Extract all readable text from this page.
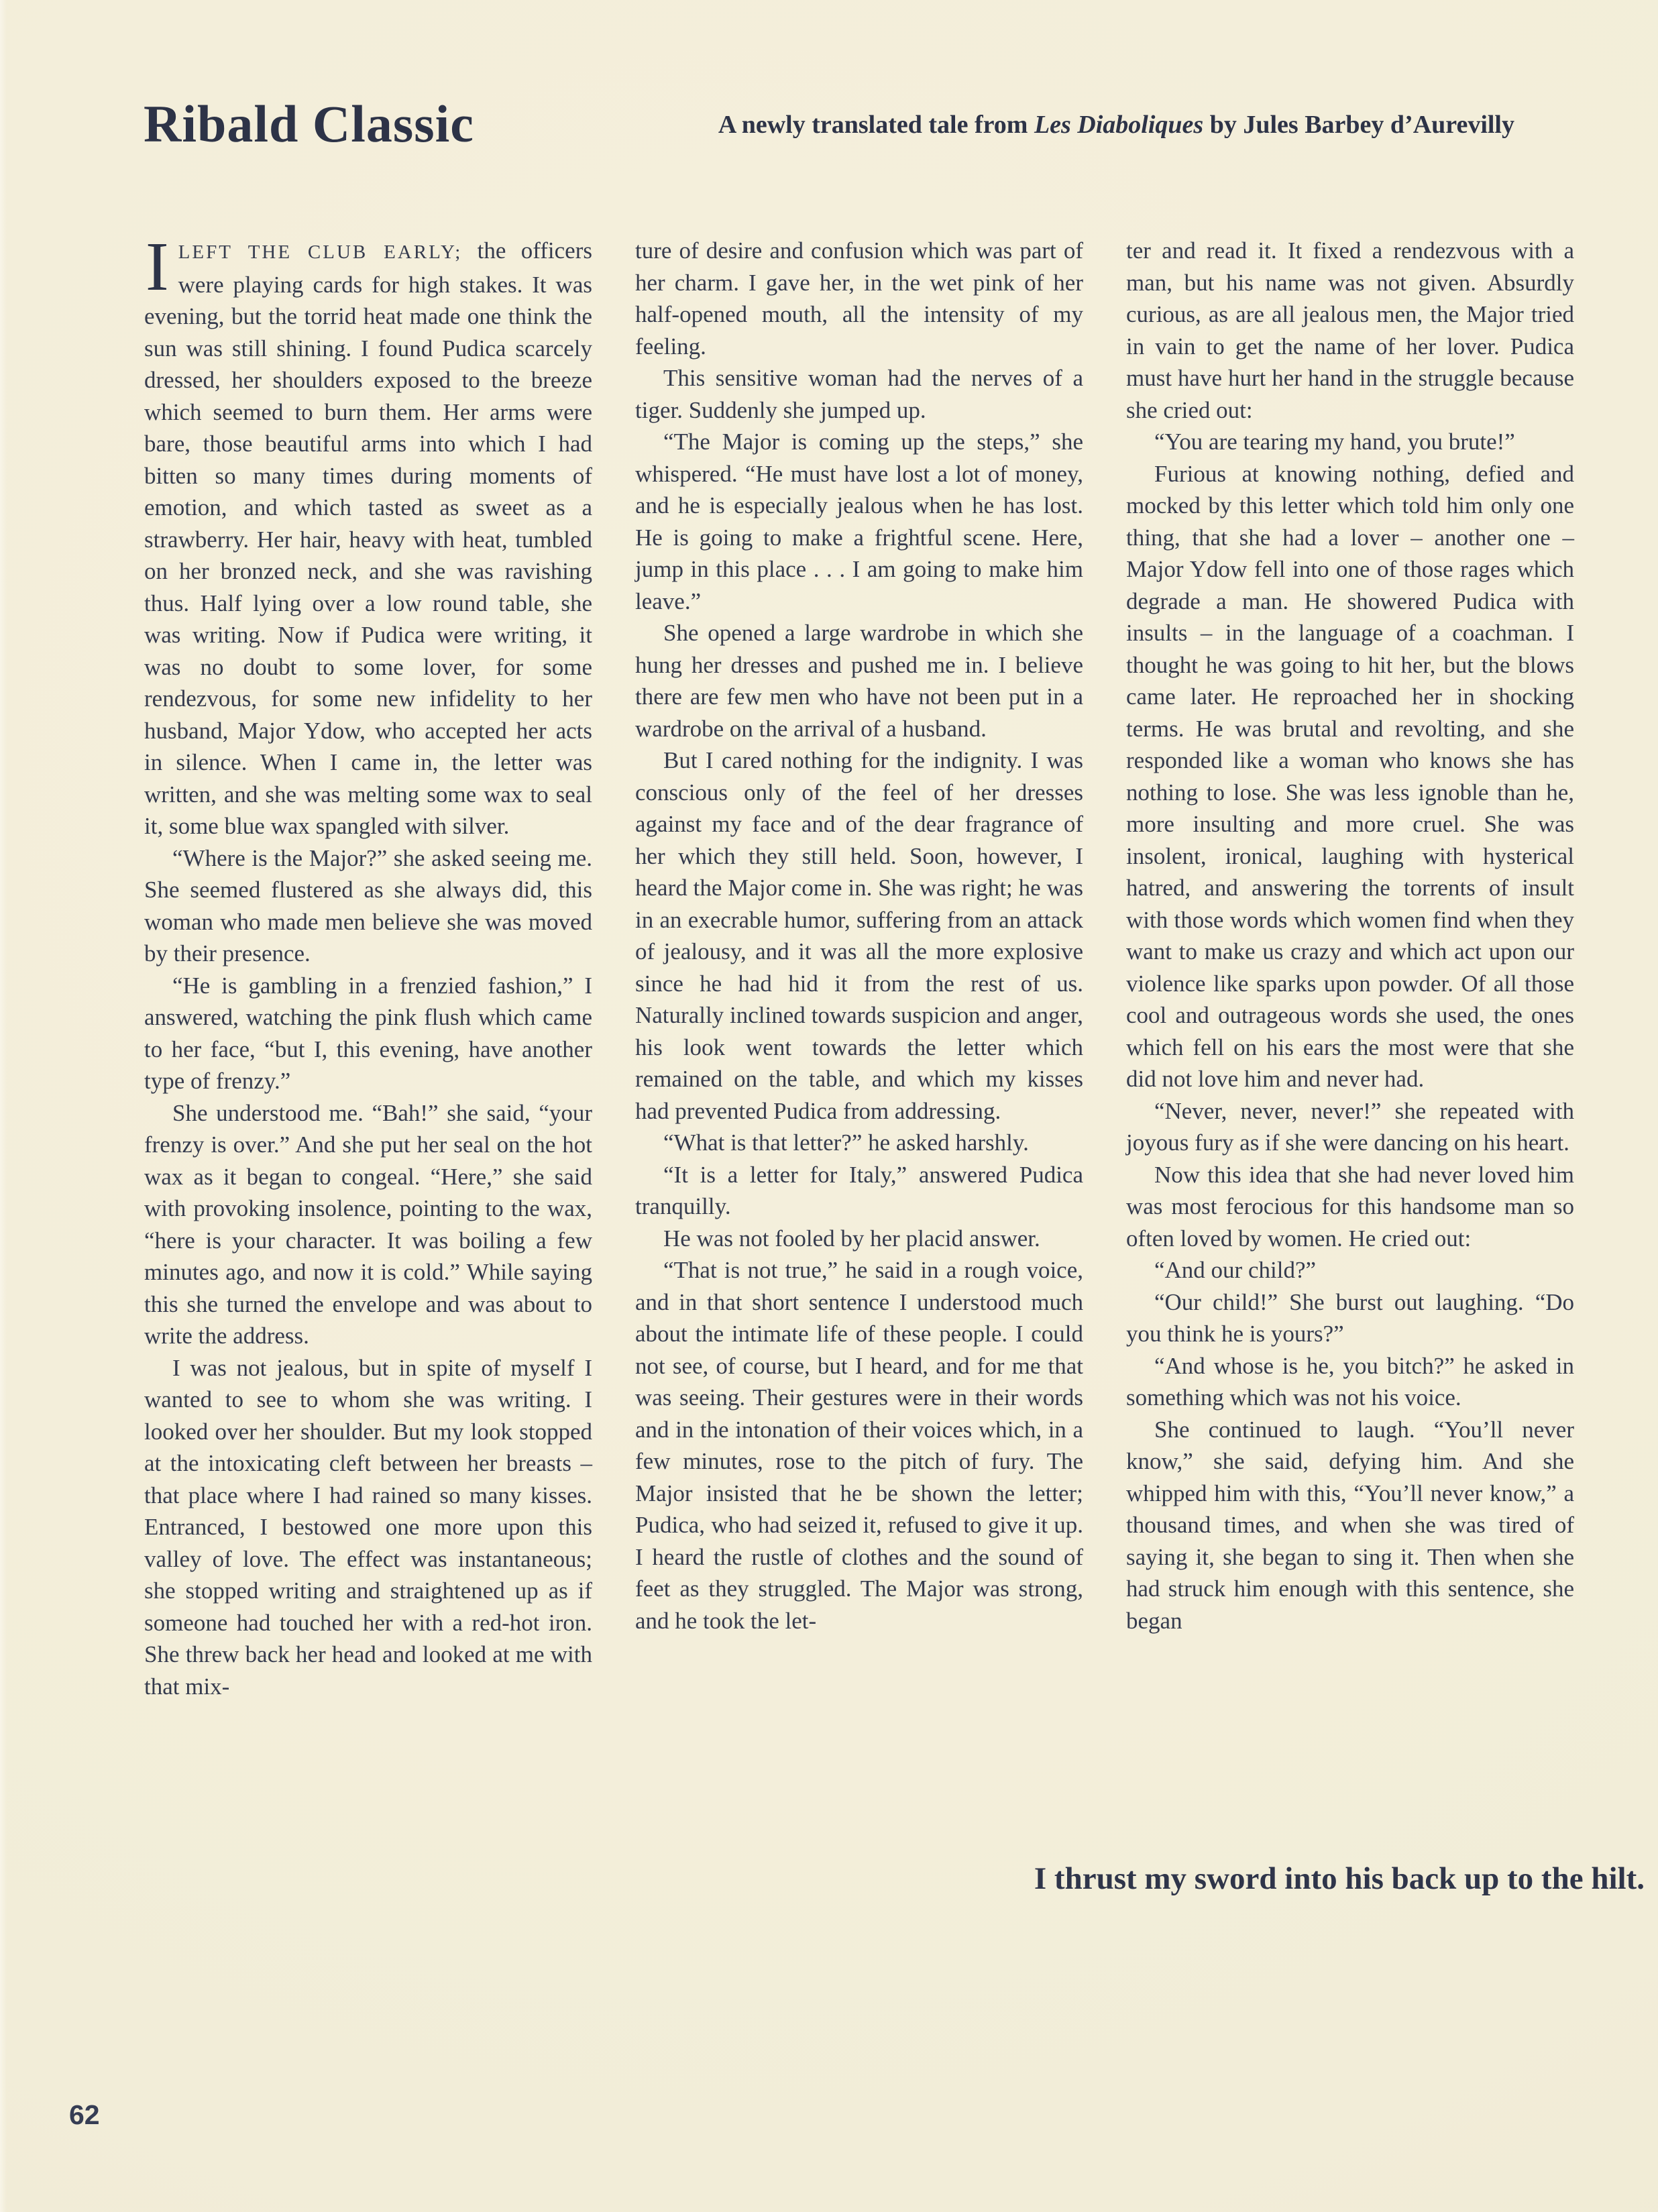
Ribald Classic	A newly translated tale from Les Diaboliques by Jules Barbey d’Aurevilly

ILEFT THE CLUB EARLY; the officers were playing cards for high stakes. It was evening, but the torrid heat made one think the sun was still shining. I found Pudica scarcely dressed, her shoulders exposed to the breeze which seemed to burn them. Her arms were bare, those beautiful arms into which I had bitten so many times during moments of emotion, and which tasted as sweet as a strawberry. Her hair, heavy with heat, tumbled on her bronzed neck, and she was ravishing thus. Half lying over a low round table, she was writing. Now if Pudica were writing, it was no doubt to some lover, for some rendezvous, for some new infidelity to her husband, Major Ydow, who accepted her acts in silence. When I came in, the letter was written, and she was melting some wax to seal it, some blue wax spangled with silver.

“Where is the Major?” she asked seeing me. She seemed flustered as she always did, this woman who made men believe she was moved by their presence.

“He is gambling in a frenzied fashion,” I answered, watching the pink flush which came to her face, “but I, this evening, have another type of frenzy.”

She understood me. “Bah!” she said, “your frenzy is over.” And she put her seal on the hot wax as it began to congeal. “Here,” she said with provoking insolence, pointing to the wax, “here is your character. It was boiling a few minutes ago, and now it is cold.” While saying this she turned the envelope and was about to write the address.

I was not jealous, but in spite of myself I wanted to see to whom she was writing. I looked over her shoulder. But my look stopped at the intoxicating cleft between her breasts – that place where I had rained so many kisses. Entranced, I bestowed one more upon this valley of love. The effect was instantaneous; she stopped writing and straightened up as if someone had touched her with a red-hot iron. She threw back her head and looked at me with that mix-

ture of desire and confusion which was part of her charm. I gave her, in the wet pink of her half-opened mouth, all the intensity of my feeling.

This sensitive woman had the nerves of a tiger. Suddenly she jumped up.

“The Major is coming up the steps,” she whispered. “He must have lost a lot of money, and he is especially jealous when he has lost. He is going to make a frightful scene. Here, jump in this place . . . I am going to make him leave.”

She opened a large wardrobe in which she hung her dresses and pushed me in. I believe there are few men who have not been put in a wardrobe on the arrival of a husband.

But I cared nothing for the indignity. I was conscious only of the feel of her dresses against my face and of the dear fragrance of her which they still held. Soon, however, I heard the Major come in. She was right; he was in an execrable humor, suffering from an attack of jealousy, and it was all the more explosive since he had hid it from the rest of us. Naturally inclined towards suspicion and anger, his look went towards the letter which remained on the table, and which my kisses had prevented Pudica from addressing.

“What is that letter?” he asked harshly.

“It is a letter for Italy,” answered Pudica tranquilly.

He was not fooled by her placid answer.

“That is not true,” he said in a rough voice, and in that short sentence I understood much about the intimate life of these people. I could not see, of course, but I heard, and for me that was seeing. Their gestures were in their words and in the intonation of their voices which, in a few minutes, rose to the pitch of fury. The Major insisted that he be shown the letter; Pudica, who had seized it, refused to give it up. I heard the rustle of clothes and the sound of feet as they struggled. The Major was strong, and he took the let-

ter and read it. It fixed a rendezvous with a man, but his name was not given. Absurdly curious, as are all jealous men, the Major tried in vain to get the name of her lover. Pudica must have hurt her hand in the struggle because she cried out:

“You are tearing my hand, you brute!”

Furious at knowing nothing, defied and mocked by this letter which told him only one thing, that she had a lover – another one – Major Ydow fell into one of those rages which degrade a man. He showered Pudica with insults – in the language of a coachman. I thought he was going to hit her, but the blows came later. He reproached her in shocking terms. He was brutal and revolting, and she responded like a woman who knows she has nothing to lose. She was less ignoble than he, more insulting and more cruel. She was insolent, ironical, laughing with hysterical hatred, and answering the torrents of insult with those words which women find when they want to make us crazy and which act upon our violence like sparks upon powder. Of all those cool and outrageous words she used, the ones which fell on his ears the most were that she did not love him and never had.

“Never, never, never!” she repeated with joyous fury as if she were dancing on his heart.

Now this idea that she had never loved him was most ferocious for this handsome man so often loved by women. He cried out:

“And our child?”

“Our child!” She burst out laughing. “Do you think he is yours?”

“And whose is he, you bitch?” he asked in something which was not his voice.

She continued to laugh. “You’ll never know,” she said, defying him. And she whipped him with this, “You’ll never know,” a thousand times, and when she was tired of saying it, she began to sing it. Then when she had struck him enough with this sentence, she began

I thrust my sword into his back up to the hilt.

62
